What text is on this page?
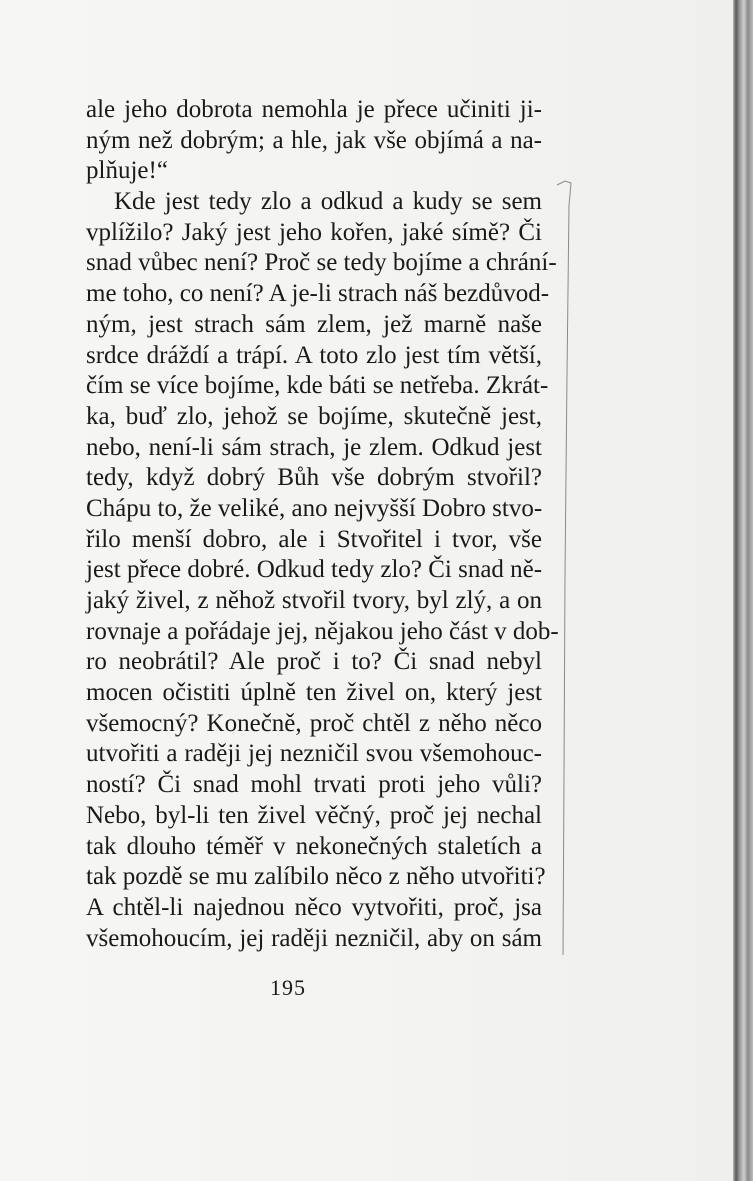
ale jeho dobrota nemohla je přece učiniti ji-
ným než dobrým; a hle, jak vše objímá a na-
plňuje!“
Kde jest tedy zlo a odkud a kudy se sem
vplížilo? Jaký jest jeho kořen, jaké símě? Či
snad vůbec není? Proč se tedy bojíme a chrání-
me toho, co není? A je-li strach náš bezdůvod-
ným, jest strach sám zlem, jež marně naše
srdce dráždí a trápí. A toto zlo jest tím větší,
čím se více bojíme, kde báti se netřeba. Zkrát-
ka, buď zlo, jehož se bojíme, skutečně jest,
nebo, není-li sám strach, je zlem. Odkud jest
tedy, když dobrý Bůh vše dobrým stvořil?
Chápu to, že veliké, ano nejvyšší Dobro stvo-
řilo menší dobro, ale i Stvořitel i tvor, vše
jest přece dobré. Odkud tedy zlo? Či snad ně-
jaký živel, z něhož stvořil tvory, byl zlý, a on
rovnaje a pořádaje jej, nějakou jeho část v dob-
ro neobrátil? Ale proč i to? Či snad nebyl
mocen očistiti úplně ten živel on, který jest
všemocný? Konečně, proč chtěl z něho něco
utvořiti a raději jej nezničil svou všemohouc-
ností? Či snad mohl trvati proti jeho vůli?
Nebo, byl-li ten živel věčný, proč jej nechal
tak dlouho téměř v nekonečných staletích a
tak pozdě se mu zalíbilo něco z něho utvořiti?
A chtěl-li najednou něco vytvořiti, proč, jsa
všemohoucím, jej raději nezničil, aby on sám
195
